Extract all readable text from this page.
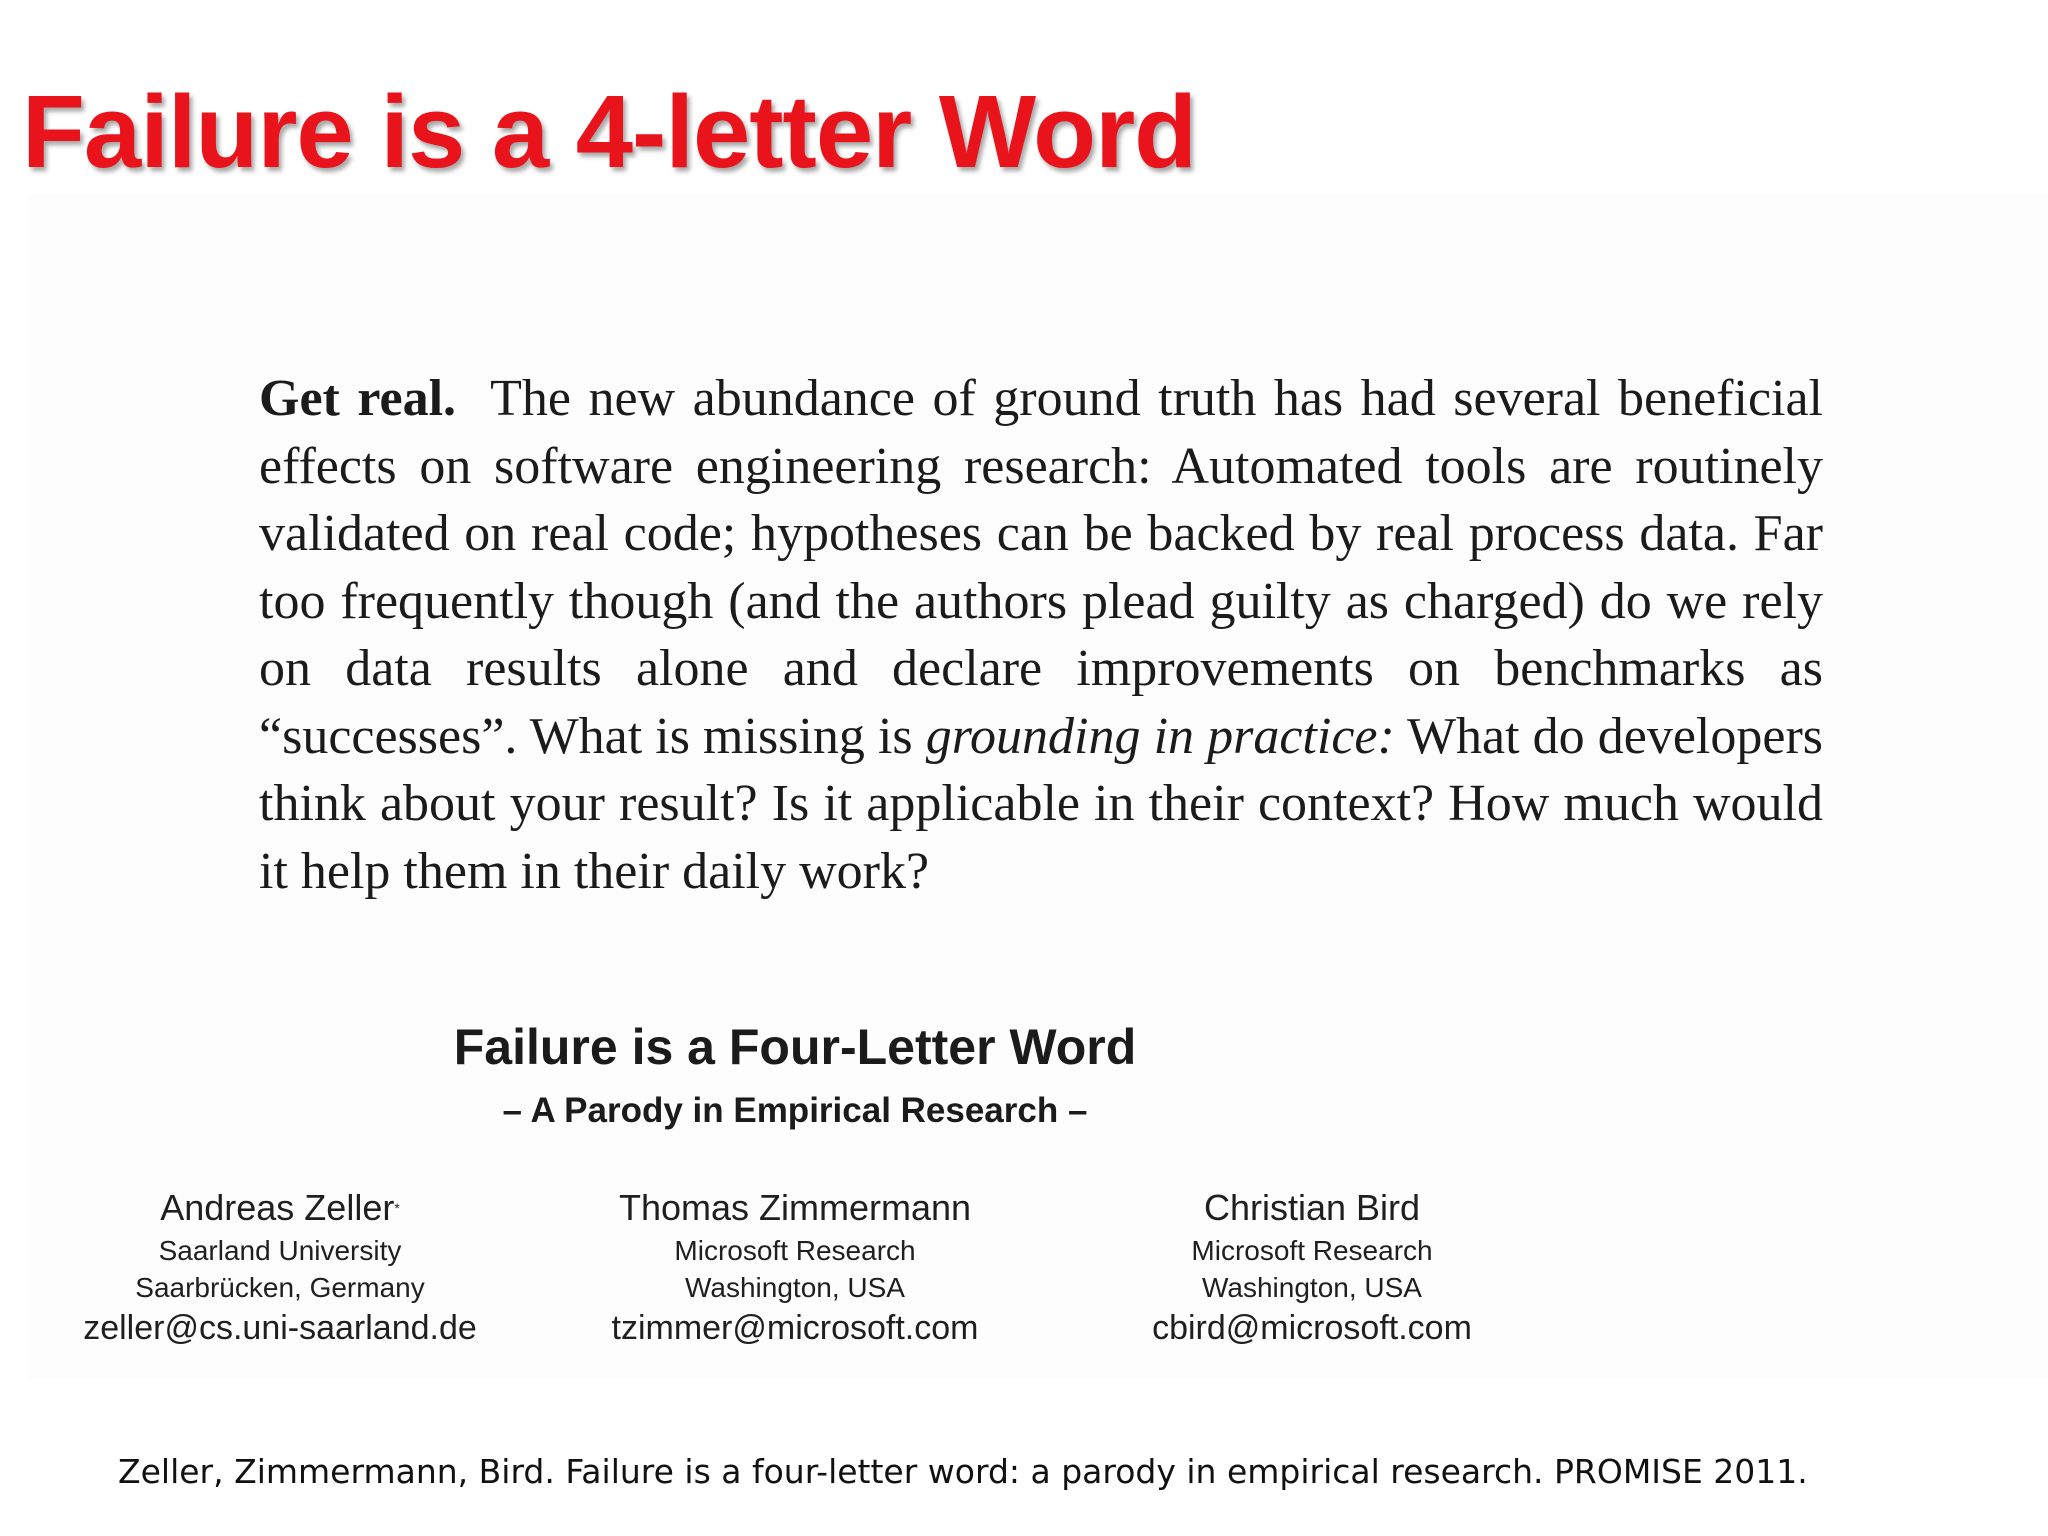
Failure is a 4-letter Word
Get real. The new abundance of ground truth has had several beneficial effects on software engineering research: Automated tools are routinely validated on real code; hypotheses can be backed by real process data. Far too frequently though (and the authors plead guilty as charged) do we rely on data results alone and declare improvements on benchmarks as “successes”. What is missing is grounding in practice: What do developers think about your result? Is it applicable in their context? How much would it help them in their daily work?
Failure is a Four-Letter Word
– A Parody in Empirical Research –
Andreas Zeller*
Saarland University
Saarbrücken, Germany
zeller@cs.uni-saarland.de
Thomas Zimmermann
Microsoft Research
Washington, USA
tzimmer@microsoft.com
Christian Bird
Microsoft Research
Washington, USA
cbird@microsoft.com
Zeller, Zimmermann, Bird. Failure is a four-letter word: a parody in empirical research. PROMISE 2011.
